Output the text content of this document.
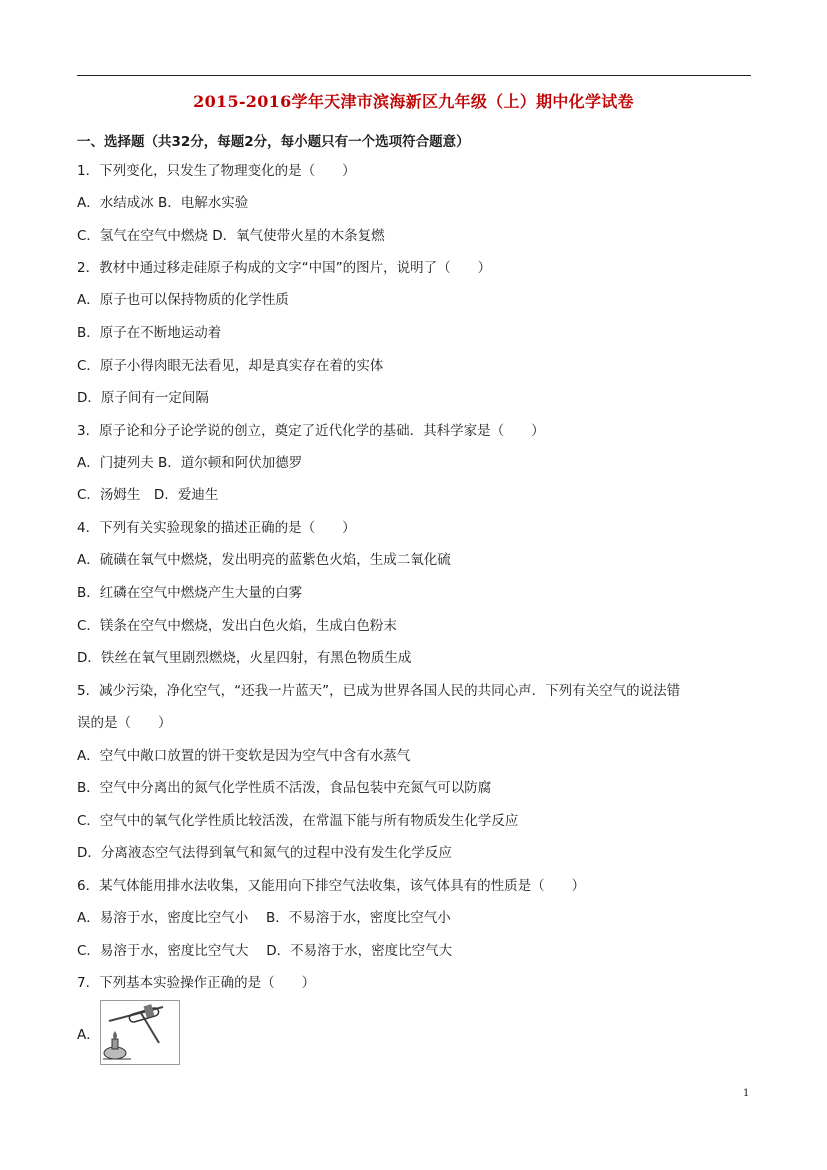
2015-2016学年天津市滨海新区九年级（上）期中化学试卷
一、选择题（共32分，每题2分，每小题只有一个选项符合题意）
1．下列变化，只发生了物理变化的是（　　）
A．水结成冰 B．电解水实验
C．氢气在空气中燃烧 D．氧气使带火星的木条复燃
2．教材中通过移走硅原子构成的文字“中国”的图片，说明了（　　）
A．原子也可以保持物质的化学性质
B．原子在不断地运动着
C．原子小得肉眼无法看见，却是真实存在着的实体
D．原子间有一定间隔
3．原子论和分子论学说的创立，奠定了近代化学的基础．其科学家是（　　）
A．门捷列夫 B．道尔顿和阿伏加德罗
C．汤姆生　D．爱迪生
4．下列有关实验现象的描述正确的是（　　）
A．硫磺在氧气中燃烧，发出明亮的蓝紫色火焰，生成二氧化硫
B．红磷在空气中燃烧产生大量的白雾
C．镁条在空气中燃烧，发出白色火焰，生成白色粉末
D．铁丝在氧气里剧烈燃烧，火星四射，有黑色物质生成
5．减少污染，净化空气，“还我一片蓝天”，已成为世界各国人民的共同心声．下列有关空气的说法错
误的是（　　）
A．空气中敞口放置的饼干变软是因为空气中含有水蒸气
B．空气中分离出的氮气化学性质不活泼，食品包装中充氮气可以防腐
C．空气中的氧气化学性质比较活泼，在常温下能与所有物质发生化学反应
D．分离液态空气法得到氧气和氮气的过程中没有发生化学反应
6．某气体能用排水法收集，又能用向下排空气法收集，该气体具有的性质是（　　）
A．易溶于水，密度比空气小　 B．不易溶于水，密度比空气小
C．易溶于水，密度比空气大　 D．不易溶于水，密度比空气大
7．下列基本实验操作正确的是（　　）
A．
1
